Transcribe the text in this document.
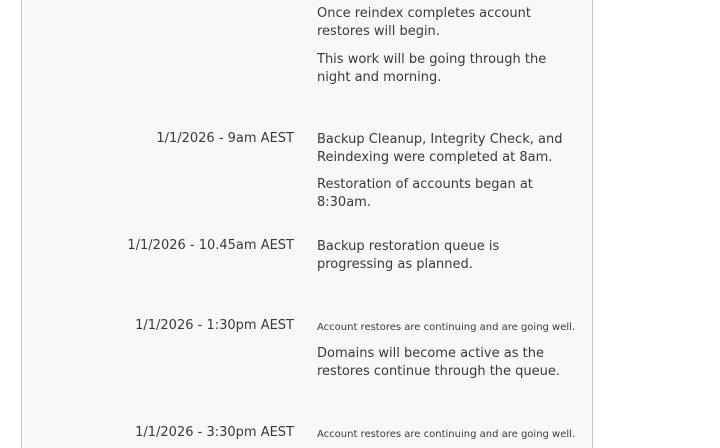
Once reindex completes account restores will begin.

This work will be going through the night and morning.

1/1/2026 - 9am AEST Backup Cleanup, Integrity Check, and Reindexing were completed at 8am.

Restoration of accounts began at 8:30am.

1/1/2026 - 10.45am AEST Backup restoration queue is progressing as planned.

1/1/2026 - 1:30pm AEST Account restores are continuing and are going well.

Domains will become active as the restores continue through the queue.

1/1/2026 - 3:30pm AEST Account restores are continuing and are going well.
